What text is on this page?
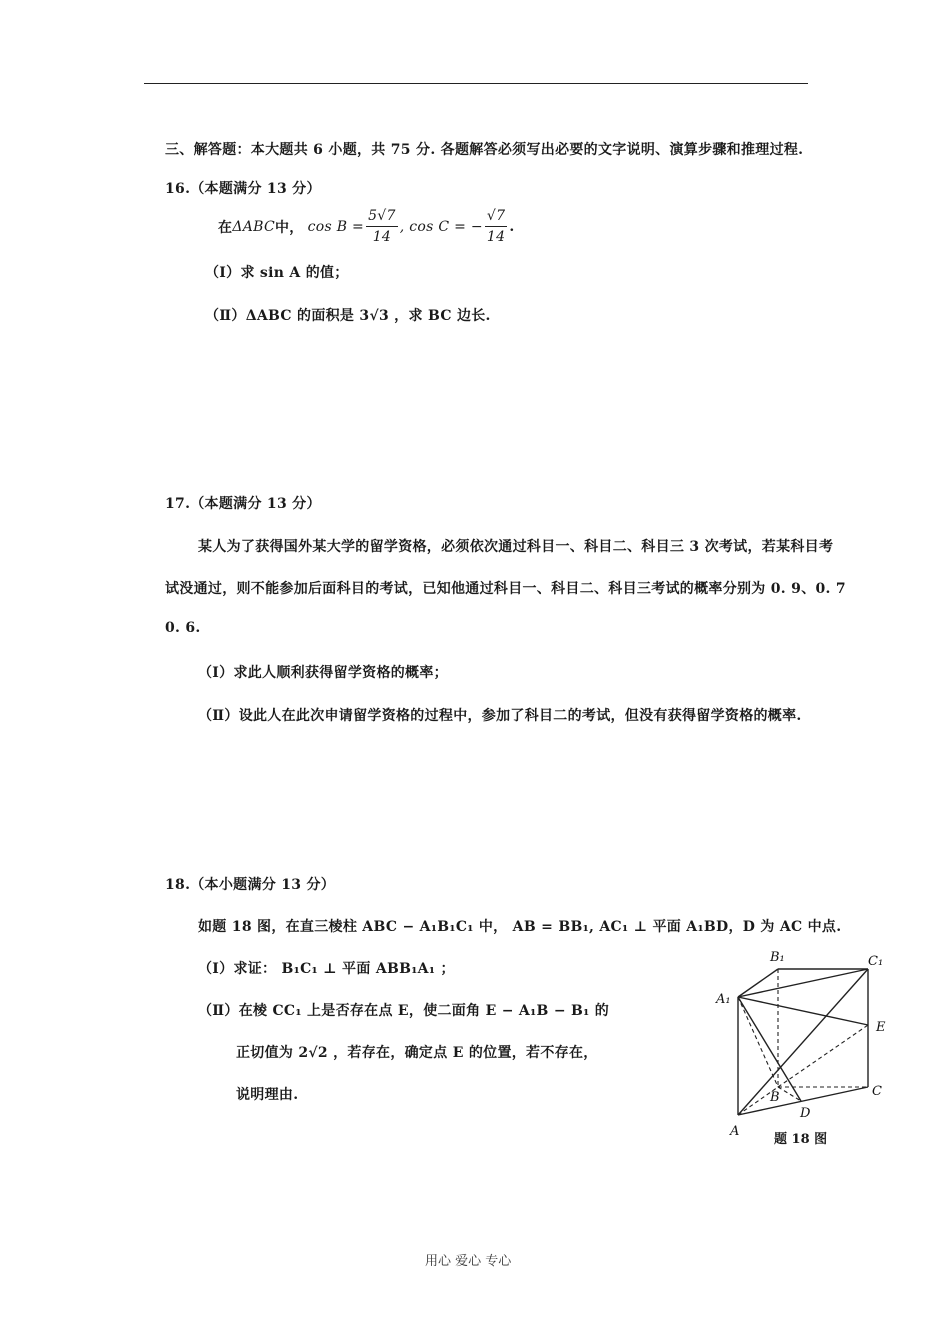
三、解答题：本大题共 6 小题，共 75 分. 各题解答必须写出必要的文字说明、演算步骤和推理过程.
16.（本题满分 13 分）
在 ΔABC 中， $\cos B = \frac{5√7}{14}$ , cos C = − $\frac{√7}{14}$ .
（Ⅰ）求 sin A 的值；
（Ⅱ）ΔABC 的面积是 3√3 ，求 BC 边长.
17.（本题满分 13 分）
某人为了获得国外某大学的留学资格，必须依次通过科目一、科目二、科目三 3 次考试，若某科目考
试没通过，则不能参加后面科目的考试，已知他通过科目一、科目二、科目三考试的概率分别为 0. 9、0. 7
0. 6.
（Ⅰ）求此人顺利获得留学资格的概率；
（Ⅱ）设此人在此次申请留学资格的过程中，参加了科目二的考试，但没有获得留学资格的概率.
18.（本小题满分 13 分）
如题 18 图，在直三棱柱 ABC − A₁B₁C₁ 中， AB = BB₁, AC₁ ⊥ 平面 A₁BD，D 为 AC 中点.
（Ⅰ）求证： B₁C₁ ⊥ 平面 ABB₁A₁ ；
（Ⅱ）在棱 CC₁ 上是否存在点 E，使二面角 E − A₁B − B₁ 的
正切值为 2√2 ，若存在，确定点 E 的位置，若不存在，
说明理由.
B₁	C₁
A₁
E
C
B
D
A
题 18 图
用心 爱心 专心
